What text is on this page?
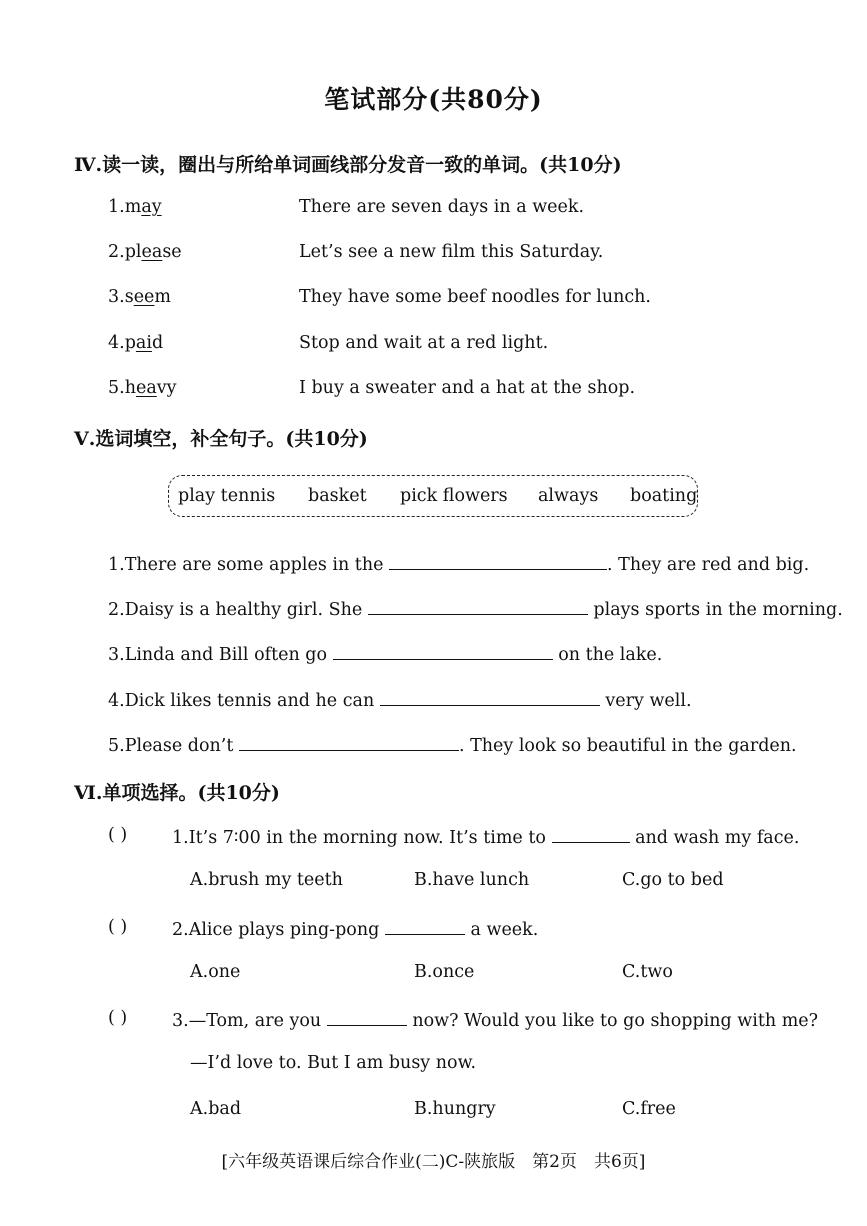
笔试部分(共80分)
Ⅳ.读一读，圈出与所给单词画线部分发音一致的单词。(共10分)
1.may	There are seven days in a week.
2.please	Let’s see a new film this Saturday.
3.seem	They have some beef noodles for lunch.
4.paid	Stop and wait at a red light.
5.heavy	I buy a sweater and a hat at the shop.
Ⅴ.选词填空，补全句子。(共10分)
play tennis basket pick flowers always boating
1.There are some apples in the	. They are red and big.
2.Daisy is a healthy girl. She	plays sports in the morning.
3.Linda and Bill often go	on the lake.
4.Dick likes tennis and he can	very well.
5.Please don’t	. They look so beautiful in the garden.
Ⅵ.单项选择。(共10分)
( )	1.It’s 7∶00 in the morning now. It’s time to	and wash my face.
A.brush my teeth	B.have lunch	C.go to bed
( )	2.Alice plays ping-pong	a week.
A.one	B.once	C.two
( )	3.—Tom, are you	now? Would you like to go shopping with me?
—I’d love to. But I am busy now.
A.bad	B.hungry	C.free
[六年级英语课后综合作业(二)C-陕旅版　第2页　共6页]
